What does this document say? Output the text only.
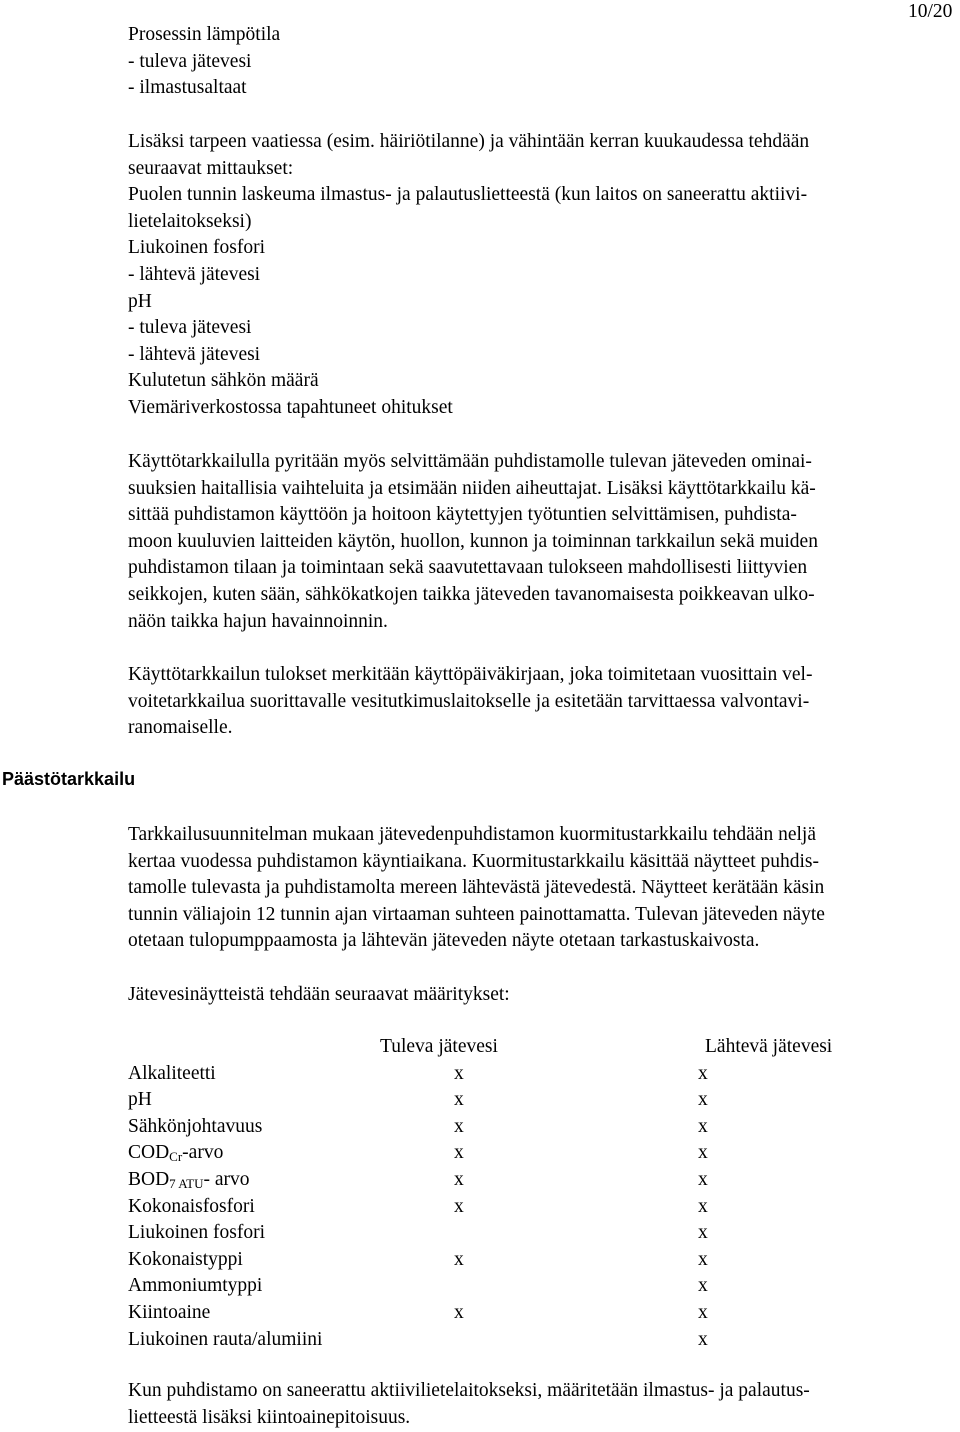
10/20
Prosessin lämpötila
- tuleva jätevesi
- ilmastusaltaat
Lisäksi tarpeen vaatiessa (esim. häiriötilanne) ja vähintään kerran kuukaudessa tehdään
seuraavat mittaukset:
Puolen tunnin laskeuma ilmastus- ja palautuslietteestä (kun laitos on saneerattu aktiivi-
lietelaitokseksi)
Liukoinen fosfori
- lähtevä jätevesi
pH
- tuleva jätevesi
- lähtevä jätevesi
Kulutetun sähkön määrä
Viemäriverkostossa tapahtuneet ohitukset
Käyttötarkkailulla pyritään myös selvittämään puhdistamolle tulevan jäteveden ominai-
suuksien haitallisia vaihteluita ja etsimään niiden aiheuttajat. Lisäksi käyttötarkkailu kä-
sittää puhdistamon käyttöön ja hoitoon käytettyjen työtuntien selvittämisen, puhdista-
moon kuuluvien laitteiden käytön, huollon, kunnon ja toiminnan tarkkailun sekä muiden
puhdistamon tilaan ja toimintaan sekä saavutettavaan tulokseen mahdollisesti liittyvien
seikkojen, kuten sään, sähkökatkojen taikka jäteveden tavanomaisesta poikkeavan ulko-
näön taikka hajun havainnoinnin.
Käyttötarkkailun tulokset merkitään käyttöpäiväkirjaan, joka toimitetaan vuosittain vel-
voitetarkkailua suorittavalle vesitutkimuslaitokselle ja esitetään tarvittaessa valvontavi-
ranomaiselle.
Päästötarkkailu
Tarkkailusuunnitelman mukaan jätevedenpuhdistamon kuormitustarkkailu tehdään neljä
kertaa vuodessa puhdistamon käyntiaikana. Kuormitustarkkailu käsittää näytteet puhdis-
tamolle tulevasta ja puhdistamolta mereen lähtevästä jätevedestä. Näytteet kerätään käsin
tunnin väliajoin 12 tunnin ajan virtaaman suhteen painottamatta. Tulevan jäteveden näyte
otetaan tulopumppaamosta ja lähtevän jäteveden näyte otetaan tarkastuskaivosta.
Jätevesinäytteistä tehdään seuraavat määritykset:
	Tuleva jätevesi	Lähtevä jätevesi
Alkaliteetti	x	x
pH	x	x
Sähkönjohtavuus	x	x
$COD_{Cr}$-arvo	x	x
$BOD_{7 ATU}-$ arvo	x	x
Kokonaisfosfori	x	x
Liukoinen fosfori		x
Kokonaistyppi	x	x
Ammoniumtyppi		x
Kiintoaine	x	x
Liukoinen rauta/alumiini		x
Kun puhdistamo on saneerattu aktiivilietelaitokseksi, määritetään ilmastus- ja palautus-
lietteestä lisäksi kiintoainepitoisuus.
